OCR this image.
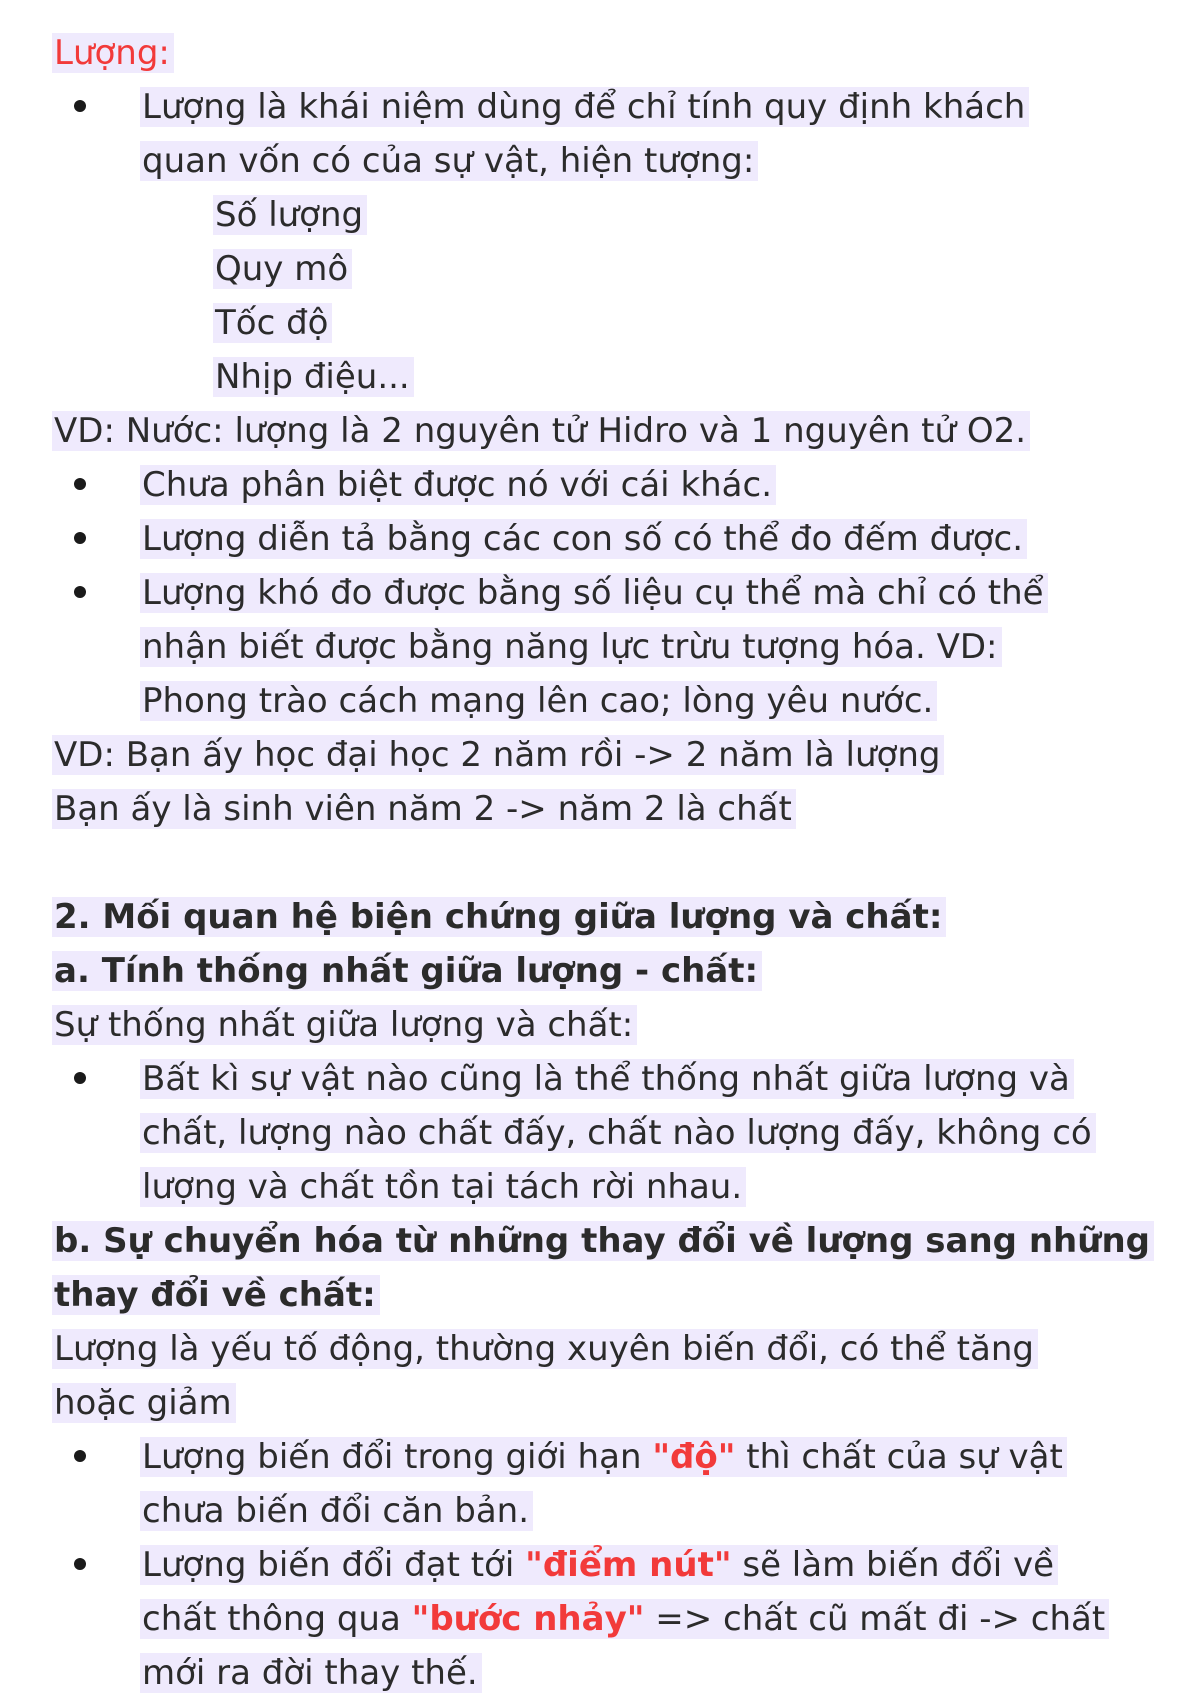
Lượng:
Lượng là khái niệm dùng để chỉ tính quy định khách
quan vốn có của sự vật, hiện tượng:
Số lượng
Quy mô
Tốc độ
Nhịp điệu...
VD: Nước: lượng là 2 nguyên tử Hidro và 1 nguyên tử O2.
Chưa phân biệt được nó với cái khác.
Lượng diễn tả bằng các con số có thể đo đếm được.
Lượng khó đo được bằng số liệu cụ thể mà chỉ có thể
nhận biết được bằng năng lực trừu tượng hóa. VD:
Phong trào cách mạng lên cao; lòng yêu nước.
VD: Bạn ấy học đại học 2 năm rồi -> 2 năm là lượng
Bạn ấy là sinh viên năm 2 -> năm 2 là chất
2. Mối quan hệ biện chứng giữa lượng và chất:
a. Tính thống nhất giữa lượng - chất:
Sự thống nhất giữa lượng và chất:
Bất kì sự vật nào cũng là thể thống nhất giữa lượng và
chất, lượng nào chất đấy, chất nào lượng đấy, không có
lượng và chất tồn tại tách rời nhau.
b. Sự chuyển hóa từ những thay đổi về lượng sang những
thay đổi về chất:
Lượng là yếu tố động, thường xuyên biến đổi, có thể tăng
hoặc giảm
Lượng biến đổi trong giới hạn "độ" thì chất của sự vật
chưa biến đổi căn bản.
Lượng biến đổi đạt tới "điểm nút" sẽ làm biến đổi về
chất thông qua "bước nhảy" => chất cũ mất đi -> chất
mới ra đời thay thế.
